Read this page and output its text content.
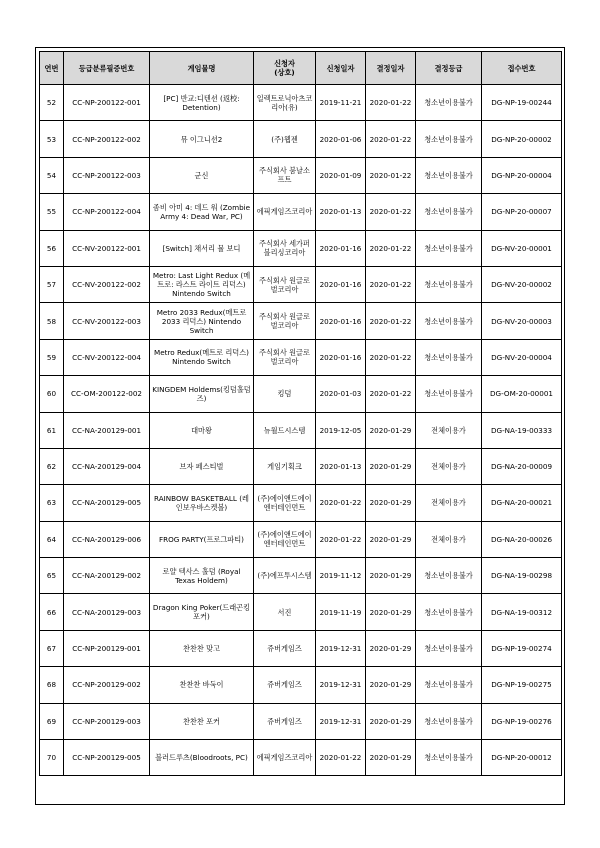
연번	등급분류필증번호	게임물명	신청자
(상호)	신청일자	결정일자	결정등급	접수번호
52	CC-NP-200122-001	[PC] 반교:디텐션 (返校: Detention)	일렉트로닉아츠코리아(유)	2019-11-21	2020-01-22	청소년이용불가	DG-NP-19-00244
53	CC-NP-200122-002	뮤 이그니션2	(주)웹젠	2020-01-06	2020-01-22	청소년이용불가	DG-NP-20-00002
54	CC-NP-200122-003	군신	주식회사 붐날소프트	2020-01-09	2020-01-22	청소년이용불가	DG-NP-20-00004
55	CC-NP-200122-004	좀비 아미 4: 데드 워 (Zombie Army 4: Dead War, PC)	에픽게임즈코리아	2020-01-13	2020-01-22	청소년이용불가	DG-NP-20-00007
56	CC-NV-200122-001	[Switch] 채서리 뮬 보디	주식회사 세가퍼블리싱코리아	2020-01-16	2020-01-22	청소년이용불가	DG-NV-20-00001
57	CC-NV-200122-002	Metro: Last Light Redux (메트로: 라스트 라이트 리덕스) Nintendo Switch	주식회사 원글로벌코리아	2020-01-16	2020-01-22	청소년이용불가	DG-NV-20-00002
58	CC-NV-200122-003	Metro 2033 Redux(메트로 2033 리덕스) Nintendo Switch	주식회사 원글로벌코리아	2020-01-16	2020-01-22	청소년이용불가	DG-NV-20-00003
59	CC-NV-200122-004	Metro Redux(메트로 리덕스) Nintendo Switch	주식회사 원글로벌코리아	2020-01-16	2020-01-22	청소년이용불가	DG-NV-20-00004
60	CC-OM-200122-002	KINGDEM Holdems(킹덤홀덤즈)	킹덤	2020-01-03	2020-01-22	청소년이용불가	DG-OM-20-00001
61	CC-NA-200129-001	대마왕	뉴월드시스템	2019-12-05	2020-01-29	전체이용가	DG-NA-19-00333
62	CC-NA-200129-004	브자 페스티벌	게임기획크	2020-01-13	2020-01-29	전체이용가	DG-NA-20-00009
63	CC-NA-200129-005	RAINBOW BASKETBALL (레인보우바스켓볼)	(주)에이앤드에이엔터테인먼트	2020-01-22	2020-01-29	전체이용가	DG-NA-20-00021
64	CC-NA-200129-006	FROG PARTY(프로그파티)	(주)에이앤드에이엔터테인먼트	2020-01-22	2020-01-29	전체이용가	DG-NA-20-00026
65	CC-NA-200129-002	로얄 텍사스 홀덤 (Royal Texas Holdem)	(주)에프투시스템	2019-11-12	2020-01-29	청소년이용불가	DG-NA-19-00298
66	CC-NA-200129-003	Dragon King Poker(드래곤킹포커)	서진	2019-11-19	2020-01-29	청소년이용불가	DG-NA-19-00312
67	CC-NP-200129-001	찬찬찬 맞고	쥬버게임즈	2019-12-31	2020-01-29	청소년이용불가	DG-NP-19-00274
68	CC-NP-200129-002	찬찬찬 바둑이	쥬버게임즈	2019-12-31	2020-01-29	청소년이용불가	DG-NP-19-00275
69	CC-NP-200129-003	찬찬찬 포커	쥬버게임즈	2019-12-31	2020-01-29	청소년이용불가	DG-NP-19-00276
70	CC-NP-200129-005	블러드루츠(Bloodroots, PC)	에픽게임즈코리아	2020-01-22	2020-01-29	청소년이용불가	DG-NP-20-00012
